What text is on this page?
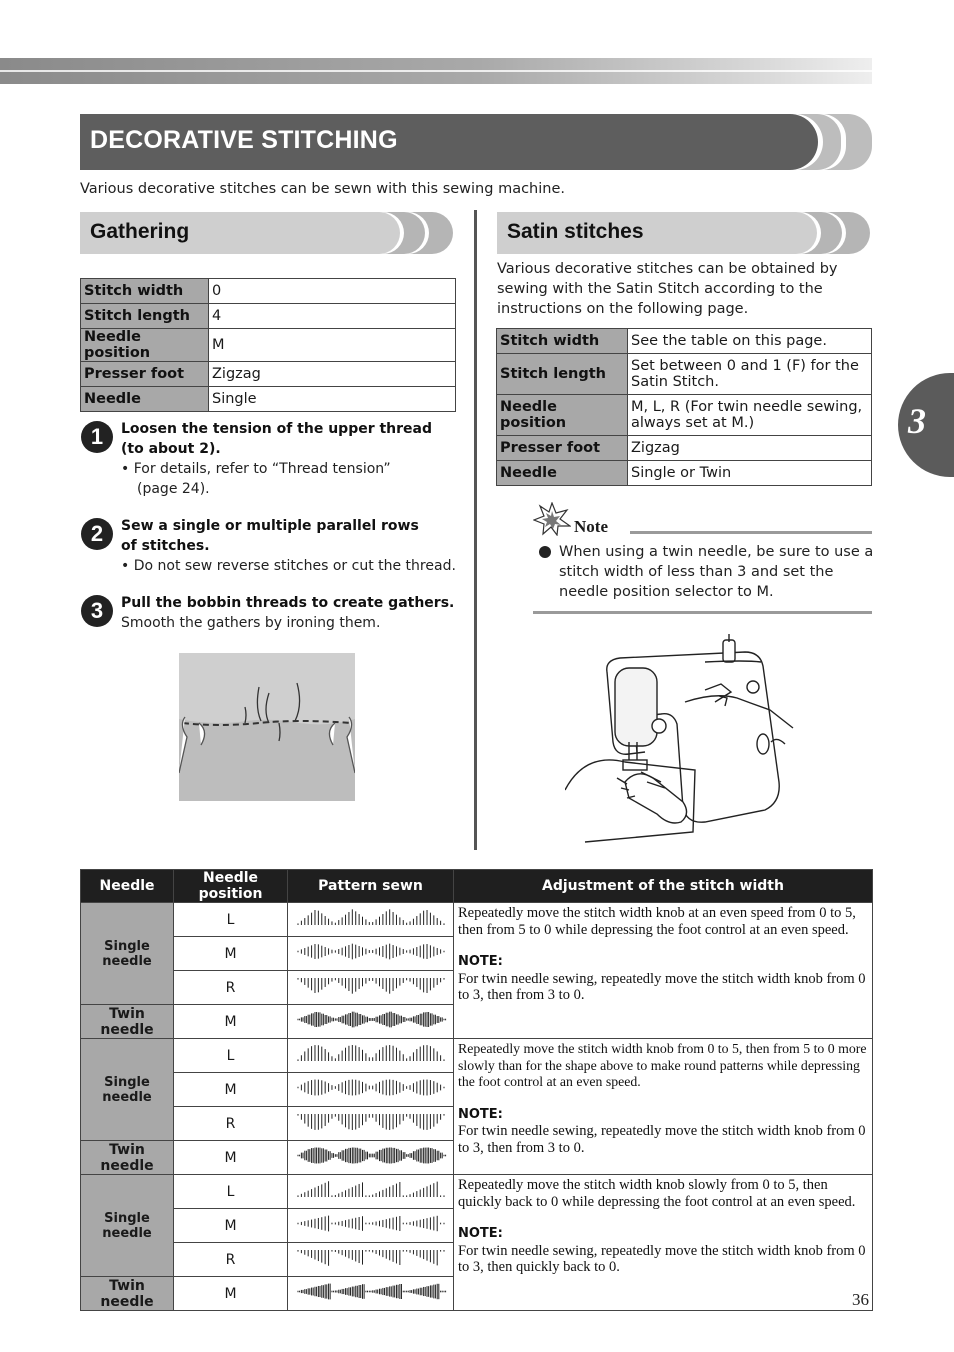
DECORATIVE STITCHING
Various decorative stitches can be sewn with this sewing machine.
3
Gathering
Stitch width	0
Stitch length	4
Needle position	M
Presser foot	Zigzag
Needle	Single
1	Loosen the tension of the upper thread (to about 2).
• For details, refer to “Thread tension”
(page 24).
2	Sew a single or multiple parallel rows of stitches.
• Do not sew reverse stitches or cut the thread.
3	Pull the bobbin threads to create gathers.
Smooth the gathers by ironing them.
Satin stitches
Various decorative stitches can be obtained by sewing with the Satin Stitch according to the instructions on the following page.
Stitch width	See the table on this page.
Stitch length	Set between 0 and 1 (F) for the Satin Stitch.
Needle position	M, L, R (For twin needle sewing, always set at M.)
Presser foot	Zigzag
Needle	Single or Twin
Note
When using a twin needle, be sure to use a stitch width of less than 3 and set the needle position selector to M.
Needle	Needle position	Pattern sewn	Adjustment of the stitch width
Single needle	L		Repeatedly move the stitch width knob at an even speed from 0 to 5, then from 5 to 0 while depressing the foot control at an even speed.
NOTE:
For twin needle sewing, repeatedly move the stitch width knob from 0 to 3, then from 3 to 0.

	M	
	R	
Twin needle	M	
Single needle	L		Repeatedly move the stitch width knob from 0 to 5, then from 5 to 0 more slowly than for the shape above to make round patterns while depressing the foot control at an even speed.
NOTE:
For twin needle sewing, repeatedly move the stitch width knob from 0 to 3, then from 3 to 0.

	M	
	R	
Twin needle	M	
Single needle	L		Repeatedly move the stitch width knob slowly from 0 to 5, then quickly back to 0 while depressing the foot control at an even speed.
NOTE:
For twin needle sewing, repeatedly move the stitch width knob from 0 to 3, then quickly back to 0.

	M	
	R	
Twin needle	M		36
